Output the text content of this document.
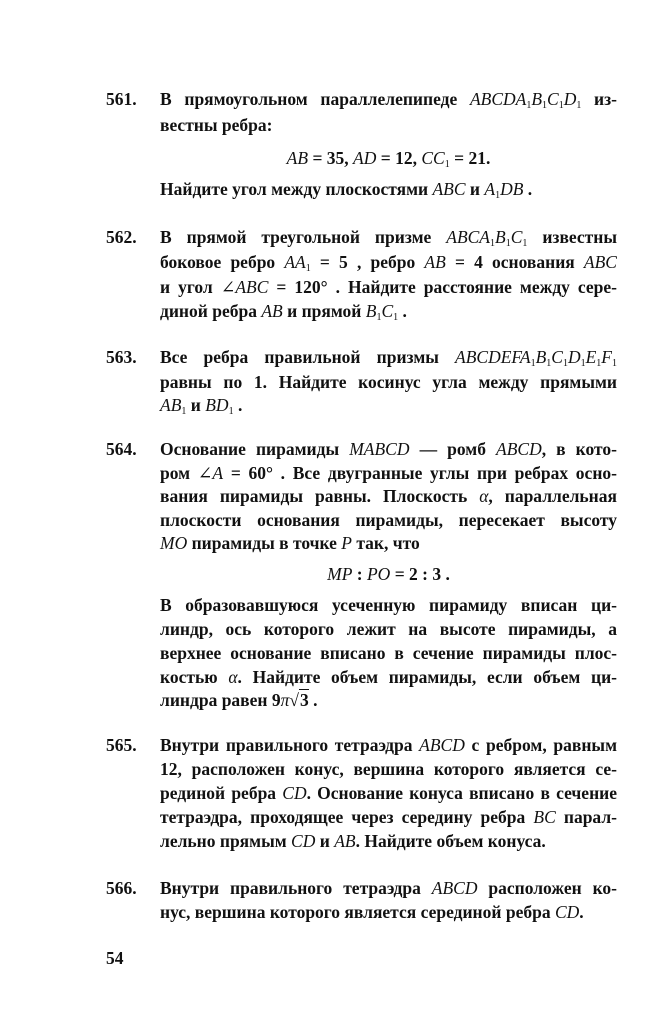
561. В прямоугольном параллелепипеде $ABCDA_1B_1C_1D_1$ из-
вестны ребра:
AB = 35, AD = 12, $CC_1 = 21$.
Найдите угол между плоскостями ABC и $A_1DB$ .
562. В прямой треугольной призме $ABCA_1B_1C_1$ известны
боковое ребро $AA_1 = 5$ , ребро AB = 4 основания ABC
и угол ∠ABC = 120° . Найдите расстояние между сере-
диной ребра AB и прямой $B_1C_1$ .
563. Все ребра правильной призмы $ABCDEFA_1B_1C_1D_1E_1F_1$
равны по 1. Найдите косинус угла между прямыми
$AB_1$ и $BD_1$ .
564. Основание пирамиды MABCD — ромб ABCD, в кото-
ром ∠A = 60° . Все двугранные углы при ребрах осно-
вания пирамиды равны. Плоскость α, параллельная
плоскости основания пирамиды, пересекает высоту
MO пирамиды в точке P так, что
MP : PO = 2 : 3 .
В образовавшуюся усеченную пирамиду вписан ци-
линдр, ось которого лежит на высоте пирамиды, а
верхнее основание вписано в сечение пирамиды плос-
костью α. Найдите объем пирамиды, если объем ци-
линдра равен 9π√3 .
565. Внутри правильного тетраэдра ABCD с ребром, равным
12, расположен конус, вершина которого является се-
рединой ребра CD. Основание конуса вписано в сечение
тетраэдра, проходящее через середину ребра BC парал-
лельно прямым CD и AB. Найдите объем конуса.
566. Внутри правильного тетраэдра ABCD расположен ко-
нус, вершина которого является серединой ребра CD.
54
